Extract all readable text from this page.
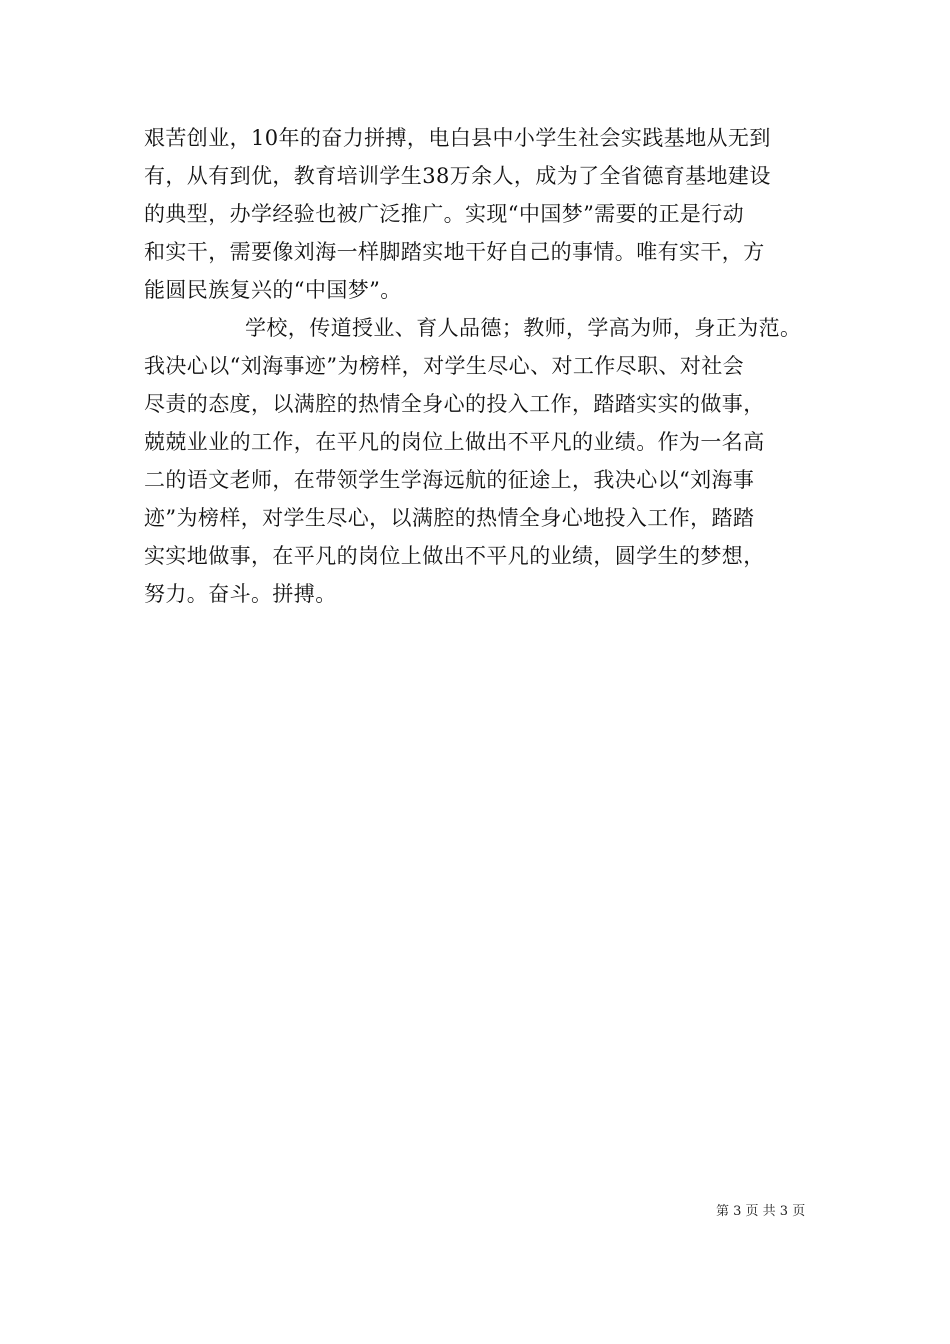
艰苦创业，10年的奋力拼搏，电白县中小学生社会实践基地从无到
有，从有到优，教育培训学生38万余人，成为了全省德育基地建设
的典型，办学经验也被广泛推广。实现“中国梦”需要的正是行动
和实干，需要像刘海一样脚踏实地干好自己的事情。唯有实干，方
能圆民族复兴的“中国梦”。
学校，传道授业、育人品德；教师，学高为师，身正为范。
我决心以“刘海事迹”为榜样，对学生尽心、对工作尽职、对社会
尽责的态度，以满腔的热情全身心的投入工作，踏踏实实的做事，
兢兢业业的工作，在平凡的岗位上做出不平凡的业绩。作为一名高
二的语文老师，在带领学生学海远航的征途上，我决心以“刘海事
迹”为榜样，对学生尽心，以满腔的热情全身心地投入工作，踏踏
实实地做事，在平凡的岗位上做出不平凡的业绩，圆学生的梦想，
努力。奋斗。拼搏。
第 3 页 共 3 页
